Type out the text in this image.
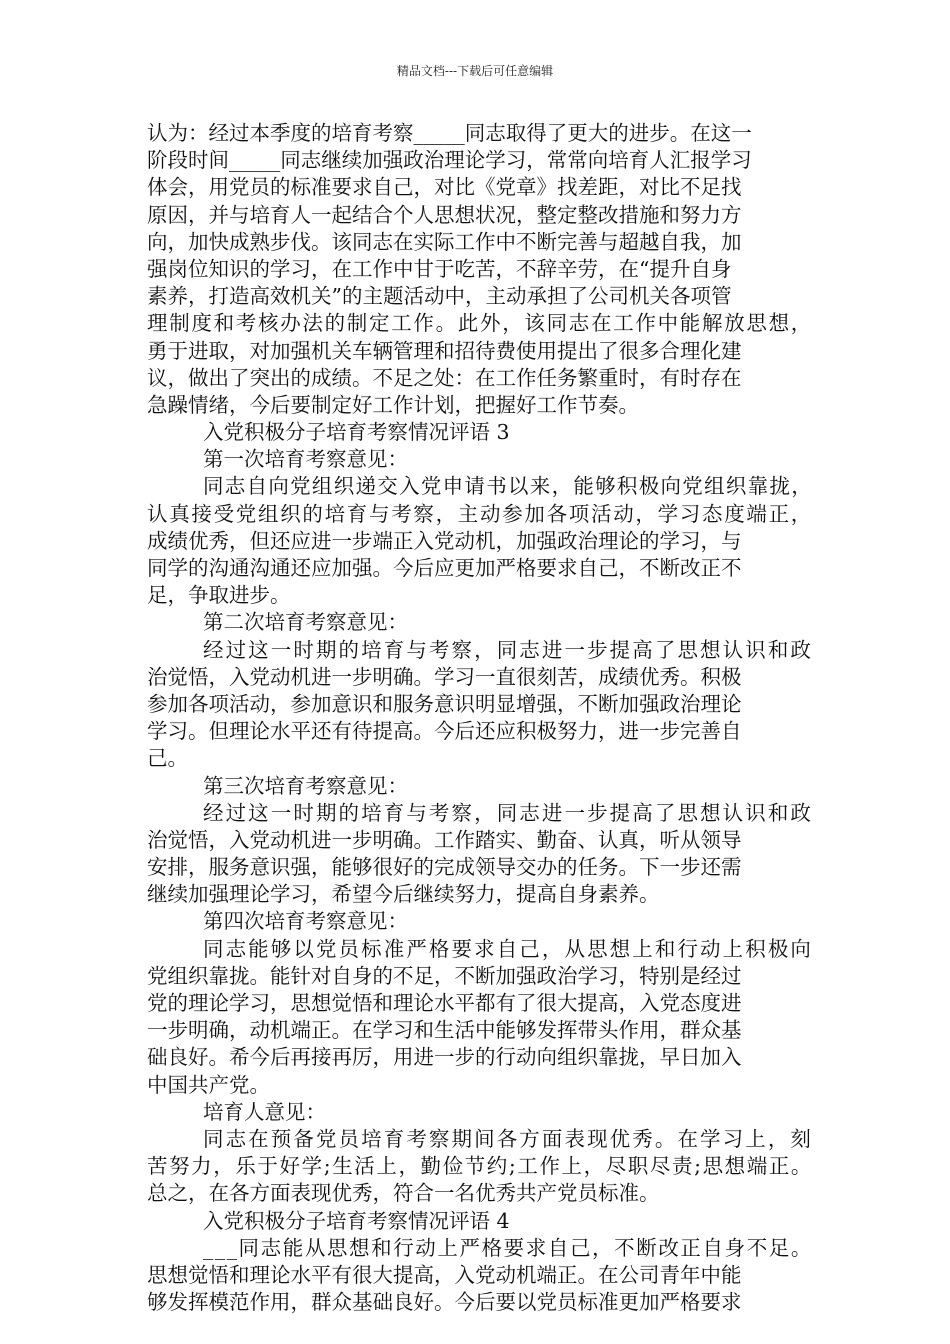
精品文档---下载后可任意编辑
认为：经过本季度的培育考察_____同志取得了更大的进步。在这一
阶段时间_____同志继续加强政治理论学习，常常向培育人汇报学习
体会，用党员的标准要求自己，对比《党章》找差距，对比不足找
原因，并与培育人一起结合个人思想状况，整定整改措施和努力方
向，加快成熟步伐。该同志在实际工作中不断完善与超越自我，加
强岗位知识的学习，在工作中甘于吃苦，不辞辛劳，在“提升自身
素养，打造高效机关”的主题活动中，主动承担了公司机关各项管
理制度和考核办法的制定工作。此外，该同志在工作中能解放思想，
勇于进取，对加强机关车辆管理和招待费使用提出了很多合理化建
议，做出了突出的成绩。不足之处：在工作任务繁重时，有时存在
急躁情绪，今后要制定好工作计划，把握好工作节奏。
入党积极分子培育考察情况评语 3
第一次培育考察意见：
同志自向党组织递交入党申请书以来，能够积极向党组织靠拢，
认真接受党组织的培育与考察，主动参加各项活动，学习态度端正，
成绩优秀，但还应进一步端正入党动机，加强政治理论的学习，与
同学的沟通沟通还应加强。今后应更加严格要求自己，不断改正不
足，争取进步。
第二次培育考察意见：
经过这一时期的培育与考察，同志进一步提高了思想认识和政
治觉悟，入党动机进一步明确。学习一直很刻苦，成绩优秀。积极
参加各项活动，参加意识和服务意识明显增强，不断加强政治理论
学习。但理论水平还有待提高。今后还应积极努力，进一步完善自
己。
第三次培育考察意见：
经过这一时期的培育与考察，同志进一步提高了思想认识和政
治觉悟，入党动机进一步明确。工作踏实、勤奋、认真，听从领导
安排，服务意识强，能够很好的完成领导交办的任务。下一步还需
继续加强理论学习，希望今后继续努力，提高自身素养。
第四次培育考察意见：
同志能够以党员标准严格要求自己，从思想上和行动上积极向
党组织靠拢。能针对自身的不足，不断加强政治学习，特别是经过
党的理论学习，思想觉悟和理论水平都有了很大提高，入党态度进
一步明确，动机端正。在学习和生活中能够发挥带头作用，群众基
础良好。希今后再接再厉，用进一步的行动向组织靠拢，早日加入
中国共产党。
培育人意见：
同志在预备党员培育考察期间各方面表现优秀。在学习上，刻
苦努力，乐于好学;生活上，勤俭节约;工作上，尽职尽责;思想端正。
总之，在各方面表现优秀，符合一名优秀共产党员标准。
入党积极分子培育考察情况评语 4
___同志能从思想和行动上严格要求自己，不断改正自身不足。
思想觉悟和理论水平有很大提高，入党动机端正。在公司青年中能
够发挥模范作用，群众基础良好。今后要以党员标准更加严格要求
